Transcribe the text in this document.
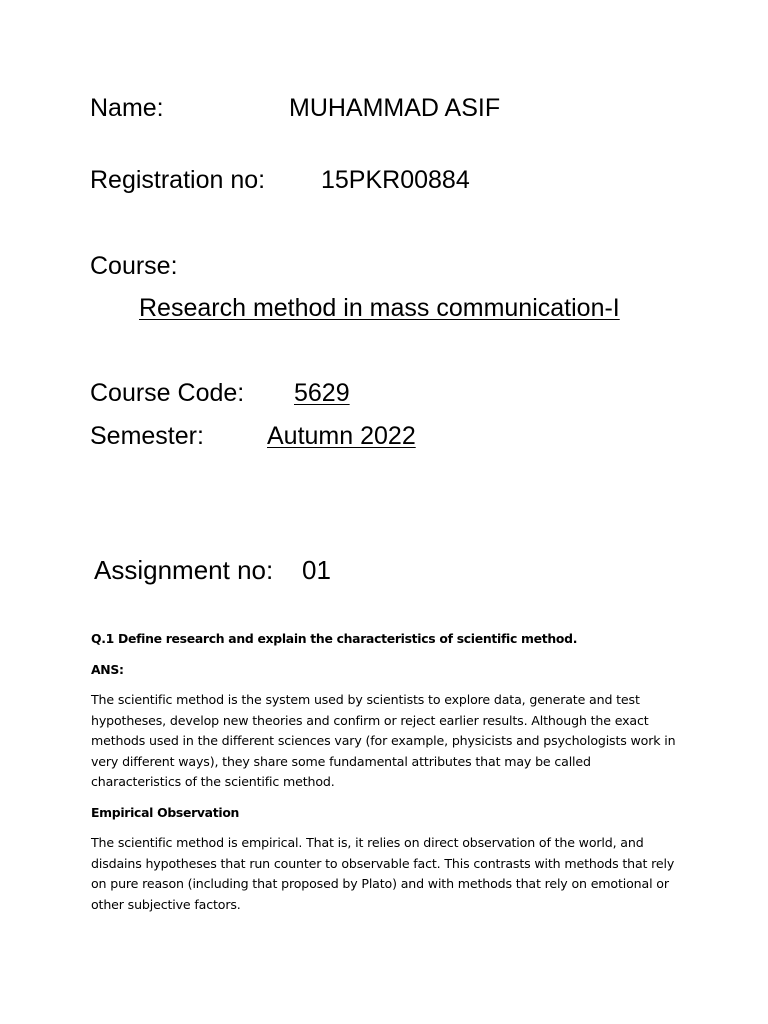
Name:	MUHAMMAD ASIF
Registration no: 15PKR00884
Course:
Research method in mass communication-I
Course Code: 5629
Semester:	Autumn 2022
Assignment no: 01
Q.1 Define research and explain the characteristics of scientific method.
ANS:
The scientific method is the system used by scientists to explore data, generate and test hypotheses, develop new theories and confirm or reject earlier results. Although the exact methods used in the different sciences vary (for example, physicists and psychologists work in very different ways), they share some fundamental attributes that may be called characteristics of the scientific method.
Empirical Observation
The scientific method is empirical. That is, it relies on direct observation of the world, and disdains hypotheses that run counter to observable fact. This contrasts with methods that rely on pure reason (including that proposed by Plato) and with methods that rely on emotional or other subjective factors.
